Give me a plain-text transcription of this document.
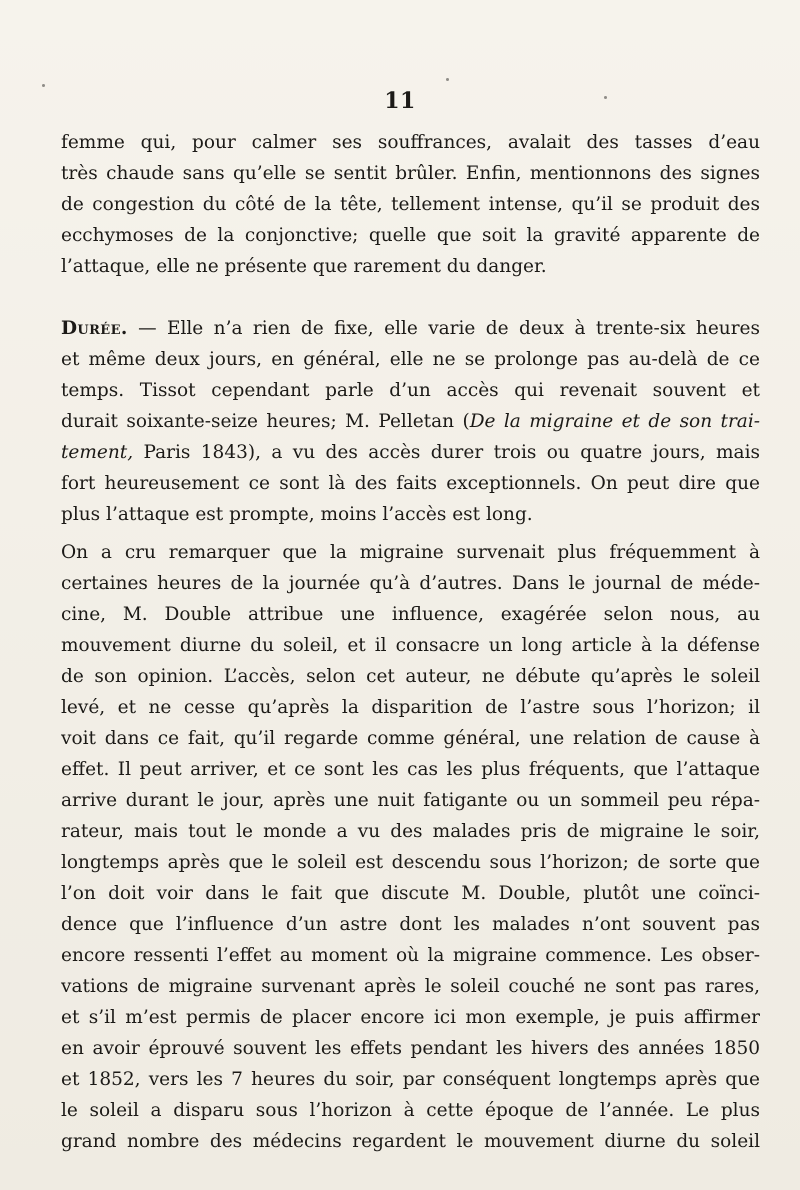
11
femme qui, pour calmer ses souffrances, avalait des tasses d’eau
très chaude sans qu’elle se sentit brûler. Enfin, mentionnons des signes
de congestion du côté de la tête, tellement intense, qu’il se produit des
ecchymoses de la conjonctive; quelle que soit la gravité apparente de
l’attaque, elle ne présente que rarement du danger.
Durée. — Elle n’a rien de fixe, elle varie de deux à trente-six heures
et même deux jours, en général, elle ne se prolonge pas au-delà de ce
temps. Tissot cependant parle d’un accès qui revenait souvent et
durait soixante-seize heures; M. Pelletan (De la migraine et de son trai-
tement, Paris 1843), a vu des accès durer trois ou quatre jours, mais
fort heureusement ce sont là des faits exceptionnels. On peut dire que
plus l’attaque est prompte, moins l’accès est long.
On a cru remarquer que la migraine survenait plus fréquemment à
certaines heures de la journée qu’à d’autres. Dans le journal de méde-
cine, M. Double attribue une influence, exagérée selon nous, au
mouvement diurne du soleil, et il consacre un long article à la défense
de son opinion. L’accès, selon cet auteur, ne débute qu’après le soleil
levé, et ne cesse qu’après la disparition de l’astre sous l’horizon; il
voit dans ce fait, qu’il regarde comme général, une relation de cause à
effet. Il peut arriver, et ce sont les cas les plus fréquents, que l’attaque
arrive durant le jour, après une nuit fatigante ou un sommeil peu répa-
rateur, mais tout le monde a vu des malades pris de migraine le soir,
longtemps après que le soleil est descendu sous l’horizon; de sorte que
l’on doit voir dans le fait que discute M. Double, plutôt une coïnci-
dence que l’influence d’un astre dont les malades n’ont souvent pas
encore ressenti l’effet au moment où la migraine commence. Les obser-
vations de migraine survenant après le soleil couché ne sont pas rares,
et s’il m’est permis de placer encore ici mon exemple, je puis affirmer
en avoir éprouvé souvent les effets pendant les hivers des années 1850
et 1852, vers les 7 heures du soir, par conséquent longtemps après que
le soleil a disparu sous l’horizon à cette époque de l’année. Le plus
grand nombre des médecins regardent le mouvement diurne du soleil
